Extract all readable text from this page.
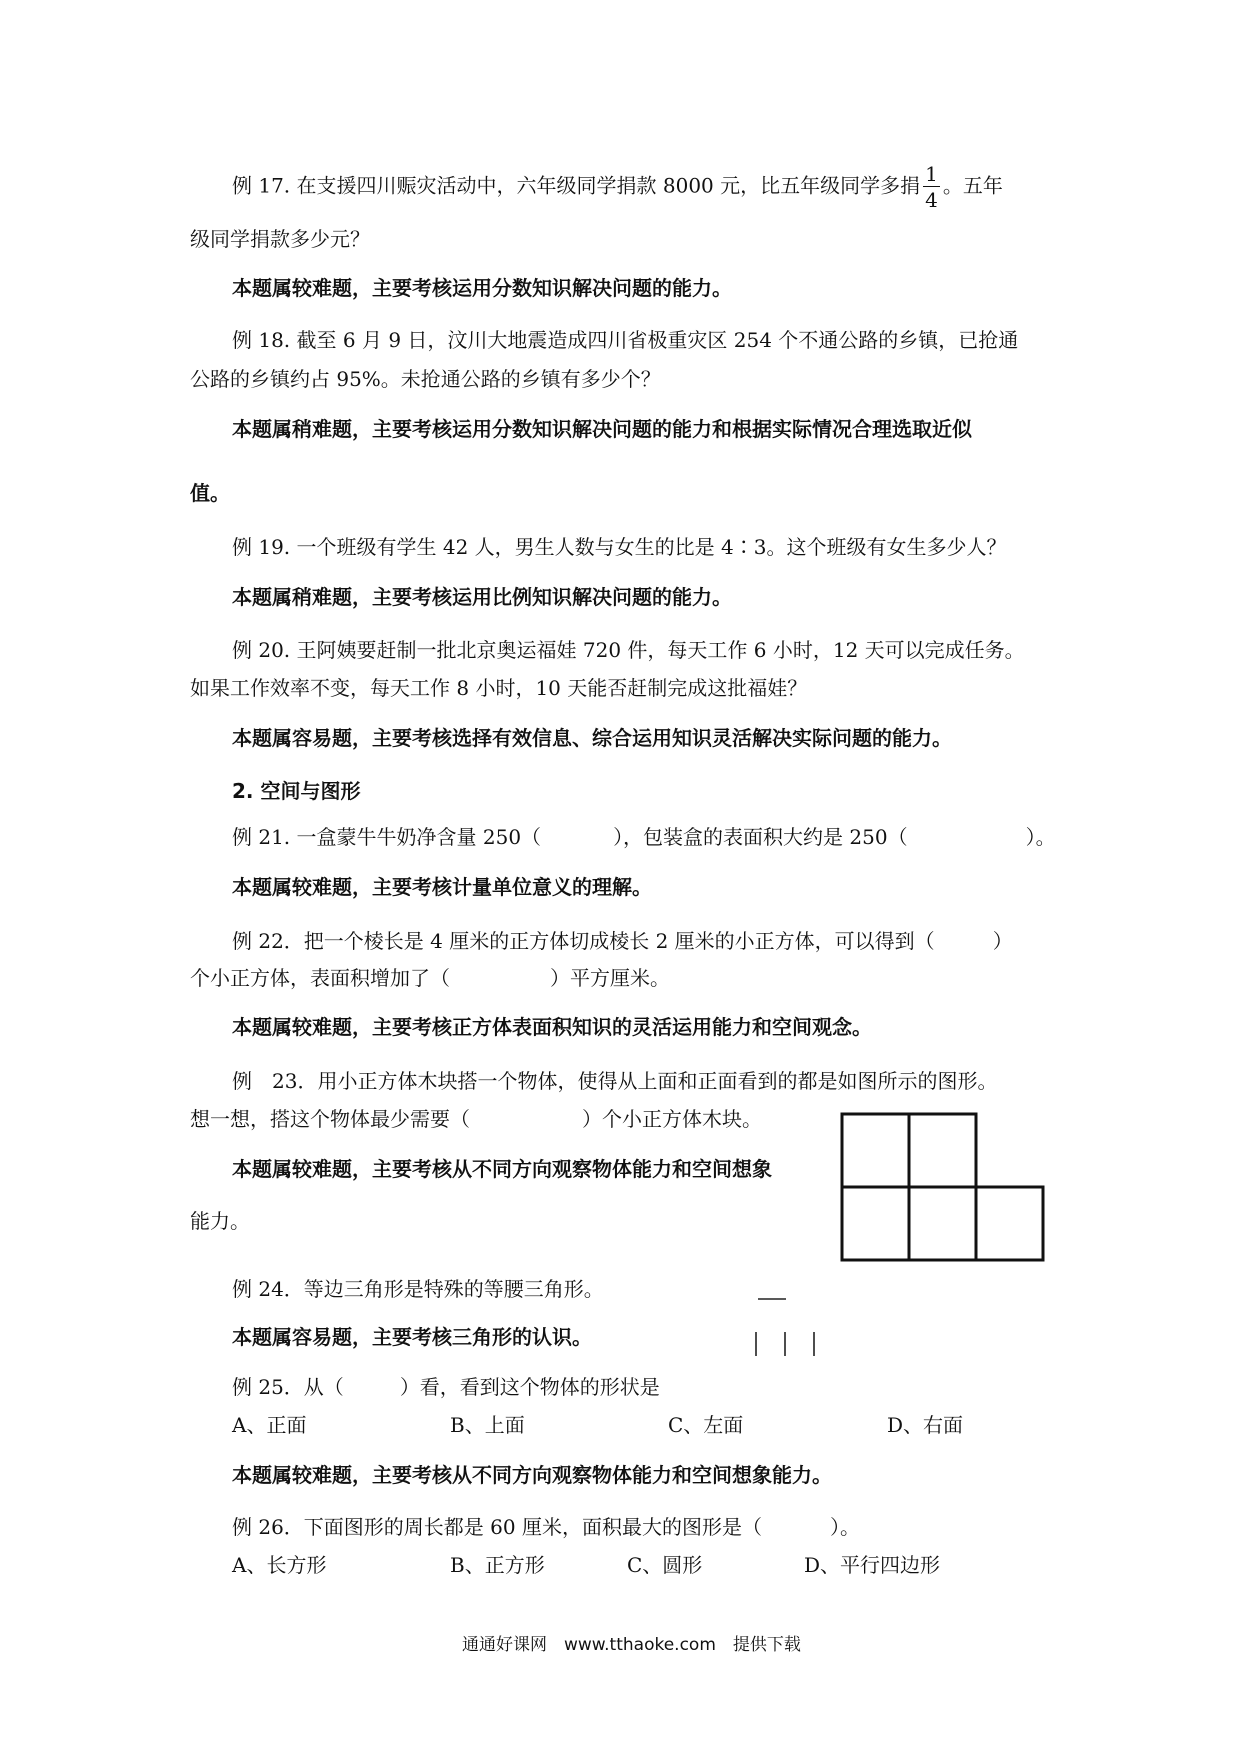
例 17. 在支援四川赈灾活动中，六年级同学捐款 8000 元，比五年级同学多捐 $\frac{1}{4}$ 。五年
级同学捐款多少元？
本题属较难题，主要考核运用分数知识解决问题的能力。
例 18. 截至 6 月 9 日，汶川大地震造成四川省极重灾区 254 个不通公路的乡镇，已抢通
公路的乡镇约占 95%。未抢通公路的乡镇有多少个？
本题属稍难题，主要考核运用分数知识解决问题的能力和根据实际情况合理选取近似
值。
例 19. 一个班级有学生 42 人，男生人数与女生的比是 4∶3。这个班级有女生多少人？
本题属稍难题，主要考核运用比例知识解决问题的能力。
例 20. 王阿姨要赶制一批北京奥运福娃 720 件，每天工作 6 小时，12 天可以完成任务。
如果工作效率不变，每天工作 8 小时，10 天能否赶制完成这批福娃？
本题属容易题，主要考核选择有效信息、综合运用知识灵活解决实际问题的能力。
2. 空间与图形
例 21. 一盒蒙牛牛奶净含量 250（	），包装盒的表面积大约是 250（	）。
本题属较难题，主要考核计量单位意义的理解。
例 22．把一个棱长是 4 厘米的正方体切成棱长 2 厘米的小正方体，可以得到（	）
个小正方体，表面积增加了（	）平方厘米。
本题属较难题，主要考核正方体表面积知识的灵活运用能力和空间观念。
例　23．用小正方体木块搭一个物体，使得从上面和正面看到的都是如图所示的图形。
想一想，搭这个物体最少需要（	）个小正方体木块。
本题属较难题，主要考核从不同方向观察物体能力和空间想象
能力。
例 24．等边三角形是特殊的等腰三角形。
本题属容易题，主要考核三角形的认识。
例 25．从（	）看，看到这个物体的形状是
A、正面	B、上面	C、左面	D、右面
本题属较难题，主要考核从不同方向观察物体能力和空间想象能力。
例 26．下面图形的周长都是 60 厘米，面积最大的图形是（	）。
A、长方形	B、正方形	C、圆形	D、平行四边形
通通好课网　www.tthaoke.com　提供下载
